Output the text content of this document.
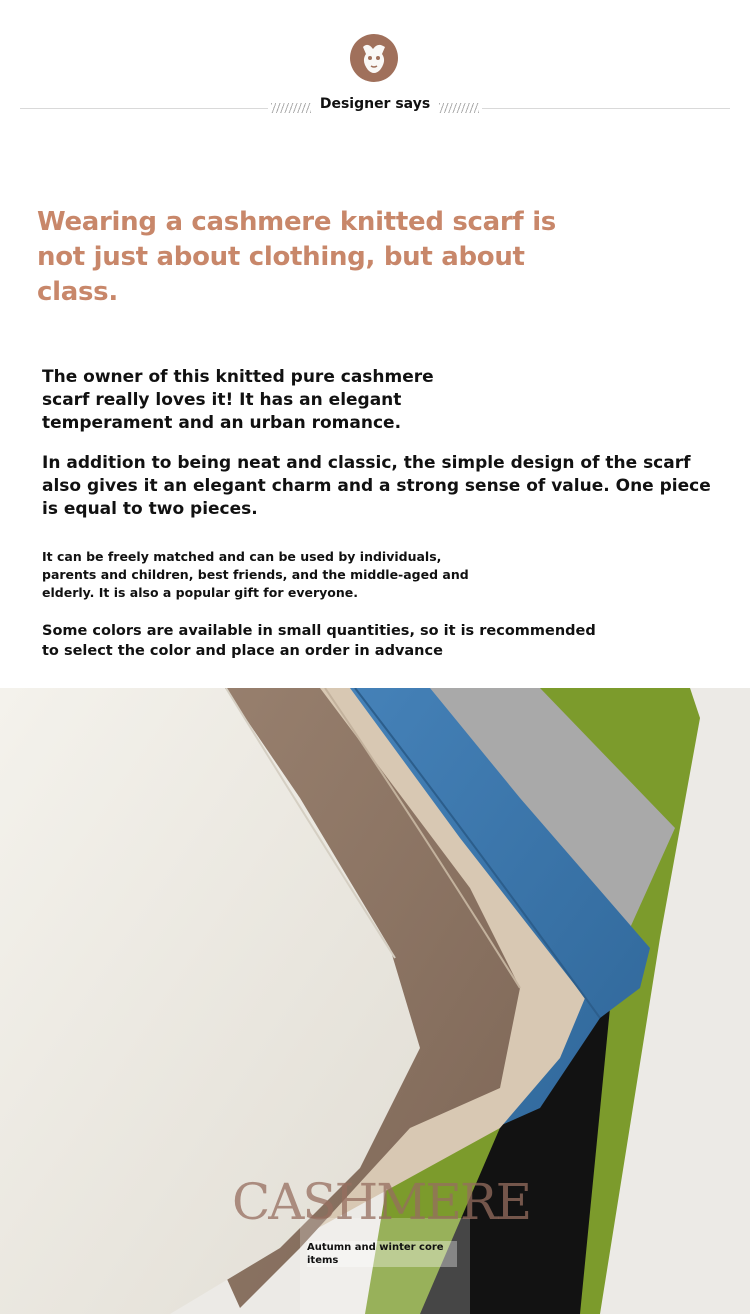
Designer says
Wearing a cashmere knitted scarf is not just about clothing, but about class.
The owner of this knitted pure cashmere scarf really loves it! It has an elegant temperament and an urban romance.
In addition to being neat and classic, the simple design of the scarf also gives it an elegant charm and a strong sense of value. One piece is equal to two pieces.
It can be freely matched and can be used by individuals, parents and children, best friends, and the middle-aged and elderly. It is also a popular gift for everyone.
Some colors are available in small quantities, so it is recommended to select the color and place an order in advance
CASHMERE
Autumn and winter core items
